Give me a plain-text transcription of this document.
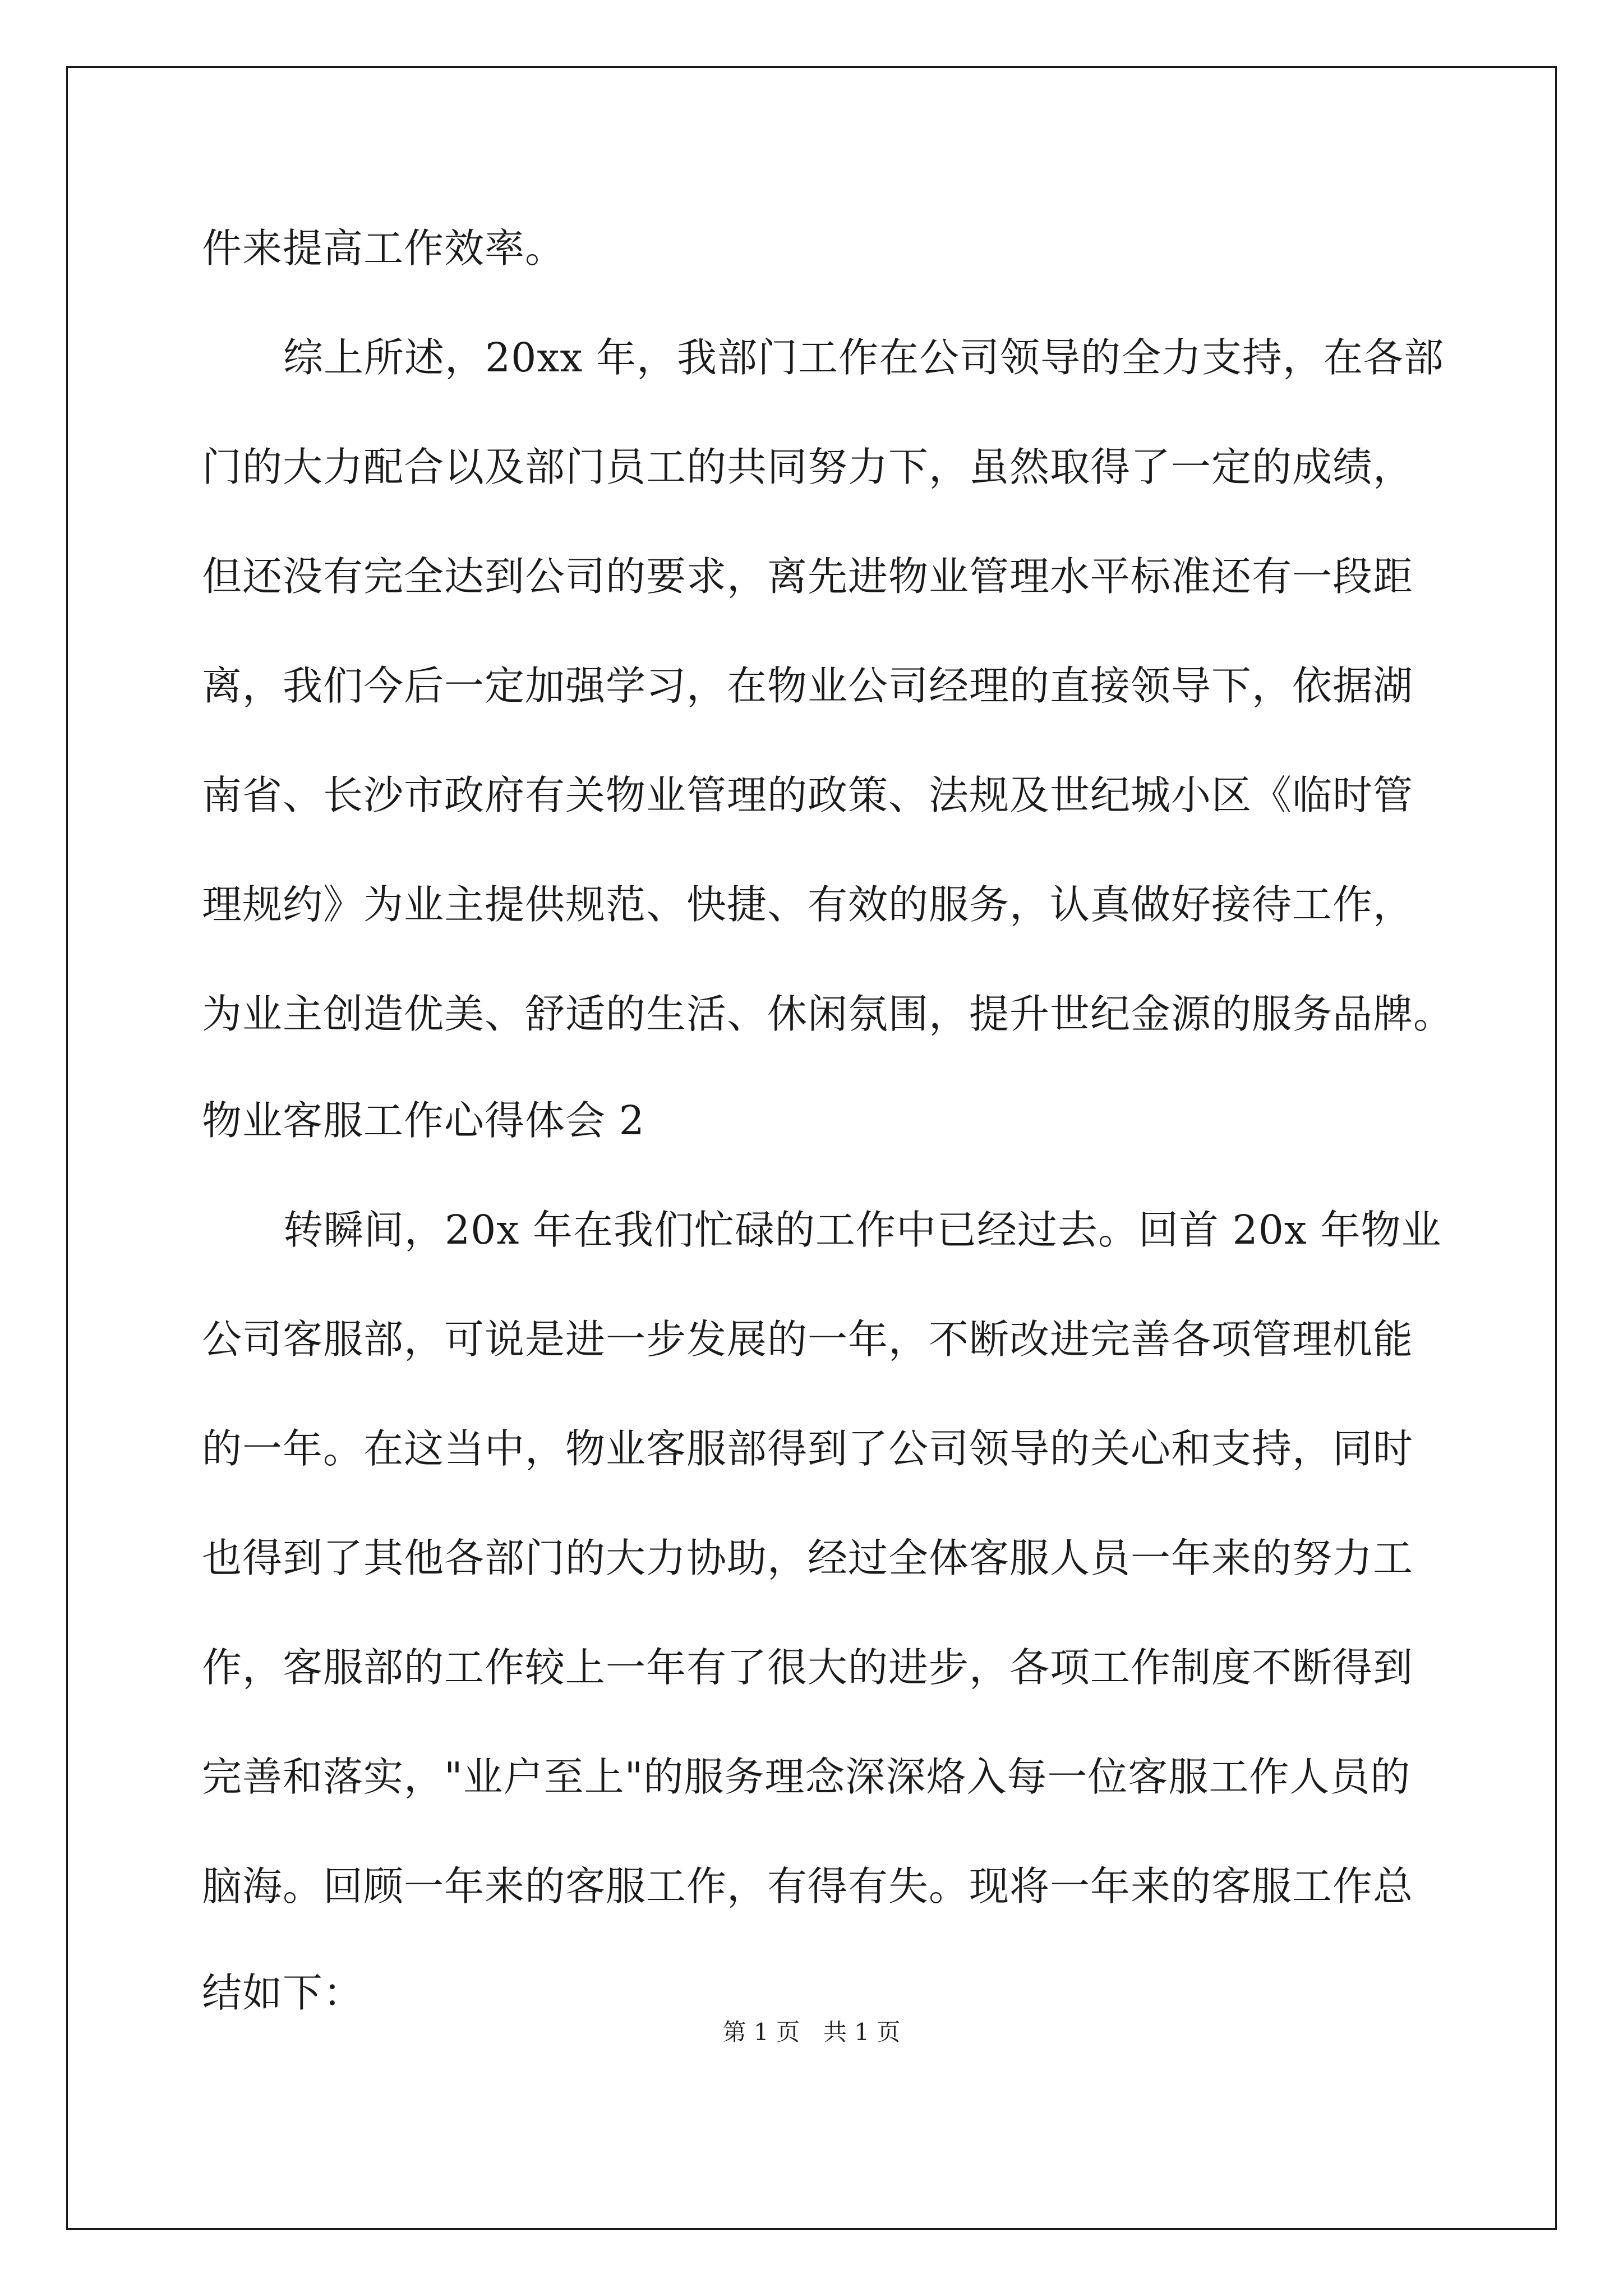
件来提高工作效率。
综上所述，20xx 年，我部门工作在公司领导的全力支持，在各部
门的大力配合以及部门员工的共同努力下，虽然取得了一定的成绩，
但还没有完全达到公司的要求，离先进物业管理水平标准还有一段距
离，我们今后一定加强学习，在物业公司经理的直接领导下，依据湖
南省、长沙市政府有关物业管理的政策、法规及世纪城小区《临时管
理规约》为业主提供规范、快捷、有效的服务，认真做好接待工作，
为业主创造优美、舒适的生活、休闲氛围，提升世纪金源的服务品牌。
物业客服工作心得体会 2
转瞬间，20x 年在我们忙碌的工作中已经过去。回首 20x 年物业
公司客服部，可说是进一步发展的一年，不断改进完善各项管理机能
的一年。在这当中，物业客服部得到了公司领导的关心和支持，同时
也得到了其他各部门的大力协助，经过全体客服人员一年来的努力工
作，客服部的工作较上一年有了很大的进步，各项工作制度不断得到
完善和落实，"业户至上"的服务理念深深烙入每一位客服工作人员的
脑海。回顾一年来的客服工作，有得有失。现将一年来的客服工作总
结如下：
第 1 页 共 1 页
